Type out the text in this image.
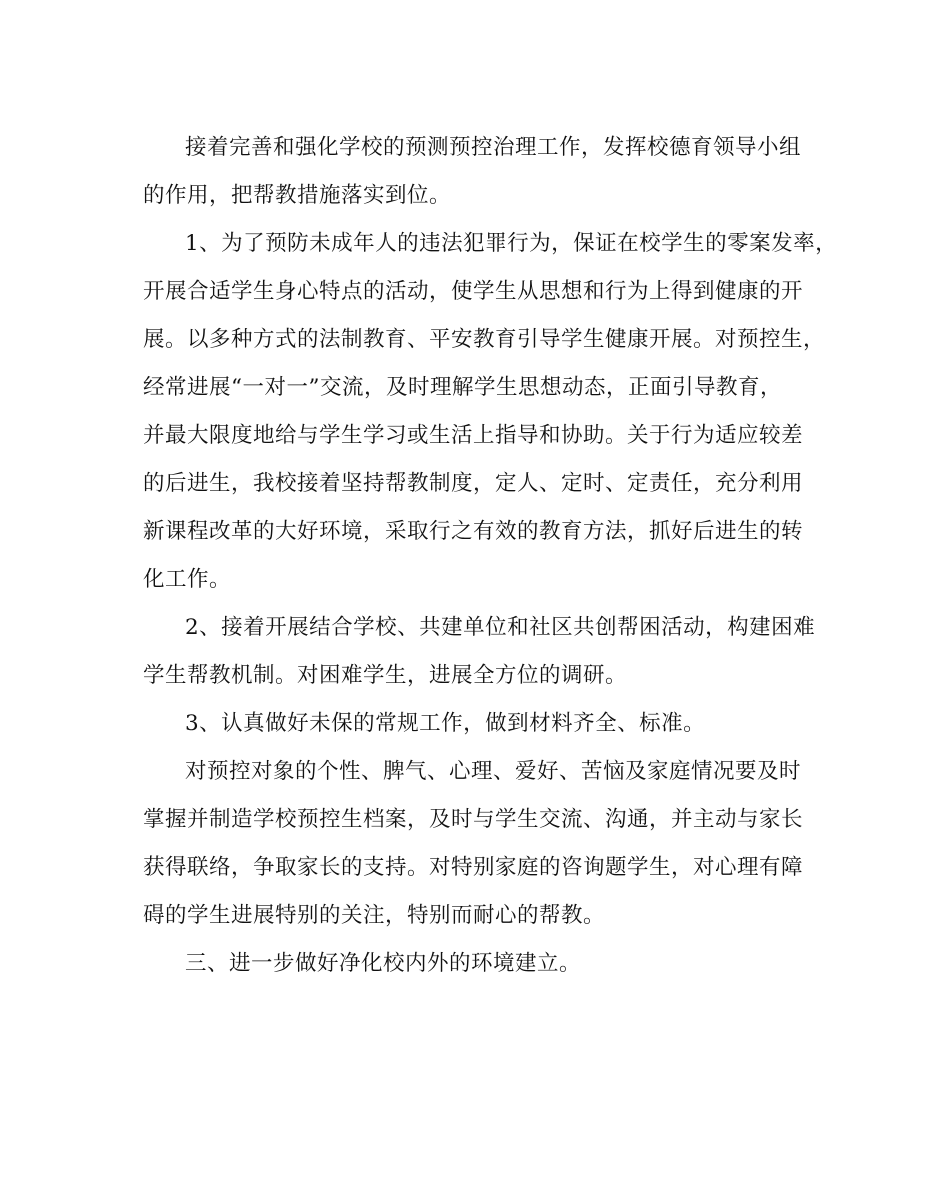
接着完善和强化学校的预测预控治理工作，发挥校德育领导小组
的作用，把帮教措施落实到位。
1、为了预防未成年人的违法犯罪行为，保证在校学生的零案发率，
开展合适学生身心特点的活动，使学生从思想和行为上得到健康的开
展。以多种方式的法制教育、平安教育引导学生健康开展。对预控生，
经常进展“一对一”交流，及时理解学生思想动态，正面引导教育，
并最大限度地给与学生学习或生活上指导和协助。关于行为适应较差
的后进生，我校接着坚持帮教制度，定人、定时、定责任，充分利用
新课程改革的大好环境，采取行之有效的教育方法，抓好后进生的转
化工作。
2、接着开展结合学校、共建单位和社区共创帮困活动，构建困难
学生帮教机制。对困难学生，进展全方位的调研。
3、认真做好未保的常规工作，做到材料齐全、标准。
对预控对象的个性、脾气、心理、爱好、苦恼及家庭情况要及时
掌握并制造学校预控生档案，及时与学生交流、沟通，并主动与家长
获得联络，争取家长的支持。对特别家庭的咨询题学生，对心理有障
碍的学生进展特别的关注，特别而耐心的帮教。
三、进一步做好净化校内外的环境建立。
